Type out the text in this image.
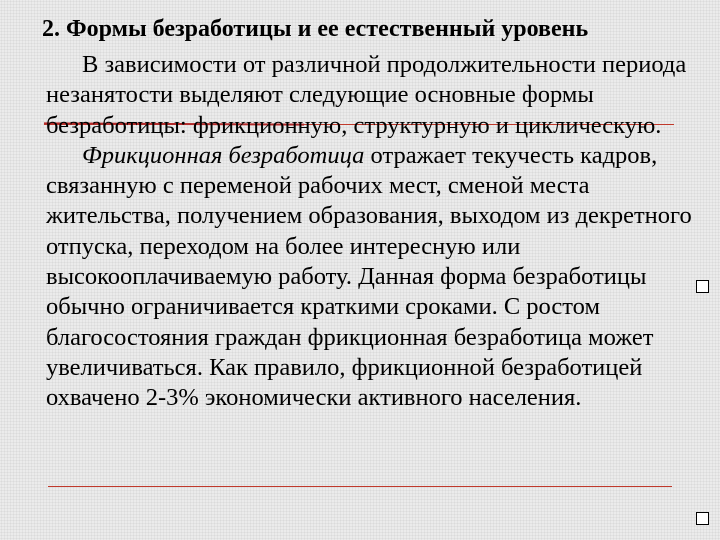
2. Формы безработицы и ее естественный уровень

В зависимости от различной продолжительности периода незанятости выделяют следующие основные формы безработицы: фрикционную, структурную и циклическую.

Фрикционная безработица отражает текучесть кадров, связанную с переменой рабочих мест, сменой места жительства, получением образования, выходом из декретного отпуска, переходом на более интересную или высокооплачиваемую работу. Данная форма безработицы обычно ограничивается краткими сроками. С ростом благосостояния граждан фрикционная безработица может увеличиваться. Как правило, фрикционной безработицей охвачено 2-3% экономически активного населения.
